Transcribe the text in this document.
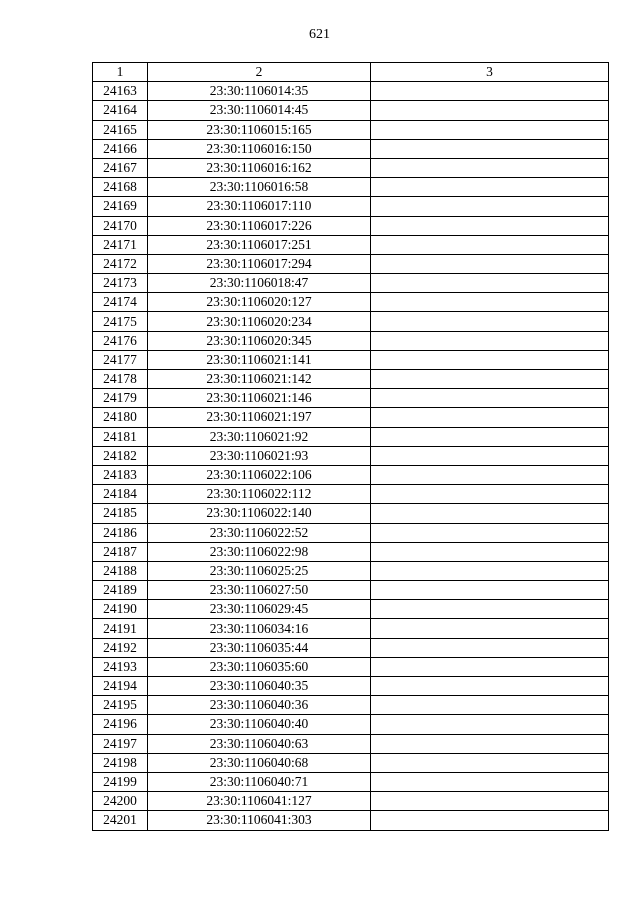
621
1	2	3
24163	23:30:1106014:35	
24164	23:30:1106014:45	
24165	23:30:1106015:165	
24166	23:30:1106016:150	
24167	23:30:1106016:162	
24168	23:30:1106016:58	
24169	23:30:1106017:110	
24170	23:30:1106017:226	
24171	23:30:1106017:251	
24172	23:30:1106017:294	
24173	23:30:1106018:47	
24174	23:30:1106020:127	
24175	23:30:1106020:234	
24176	23:30:1106020:345	
24177	23:30:1106021:141	
24178	23:30:1106021:142	
24179	23:30:1106021:146	
24180	23:30:1106021:197	
24181	23:30:1106021:92	
24182	23:30:1106021:93	
24183	23:30:1106022:106	
24184	23:30:1106022:112	
24185	23:30:1106022:140	
24186	23:30:1106022:52	
24187	23:30:1106022:98	
24188	23:30:1106025:25	
24189	23:30:1106027:50	
24190	23:30:1106029:45	
24191	23:30:1106034:16	
24192	23:30:1106035:44	
24193	23:30:1106035:60	
24194	23:30:1106040:35	
24195	23:30:1106040:36	
24196	23:30:1106040:40	
24197	23:30:1106040:63	
24198	23:30:1106040:68	
24199	23:30:1106040:71	
24200	23:30:1106041:127	
24201	23:30:1106041:303	
